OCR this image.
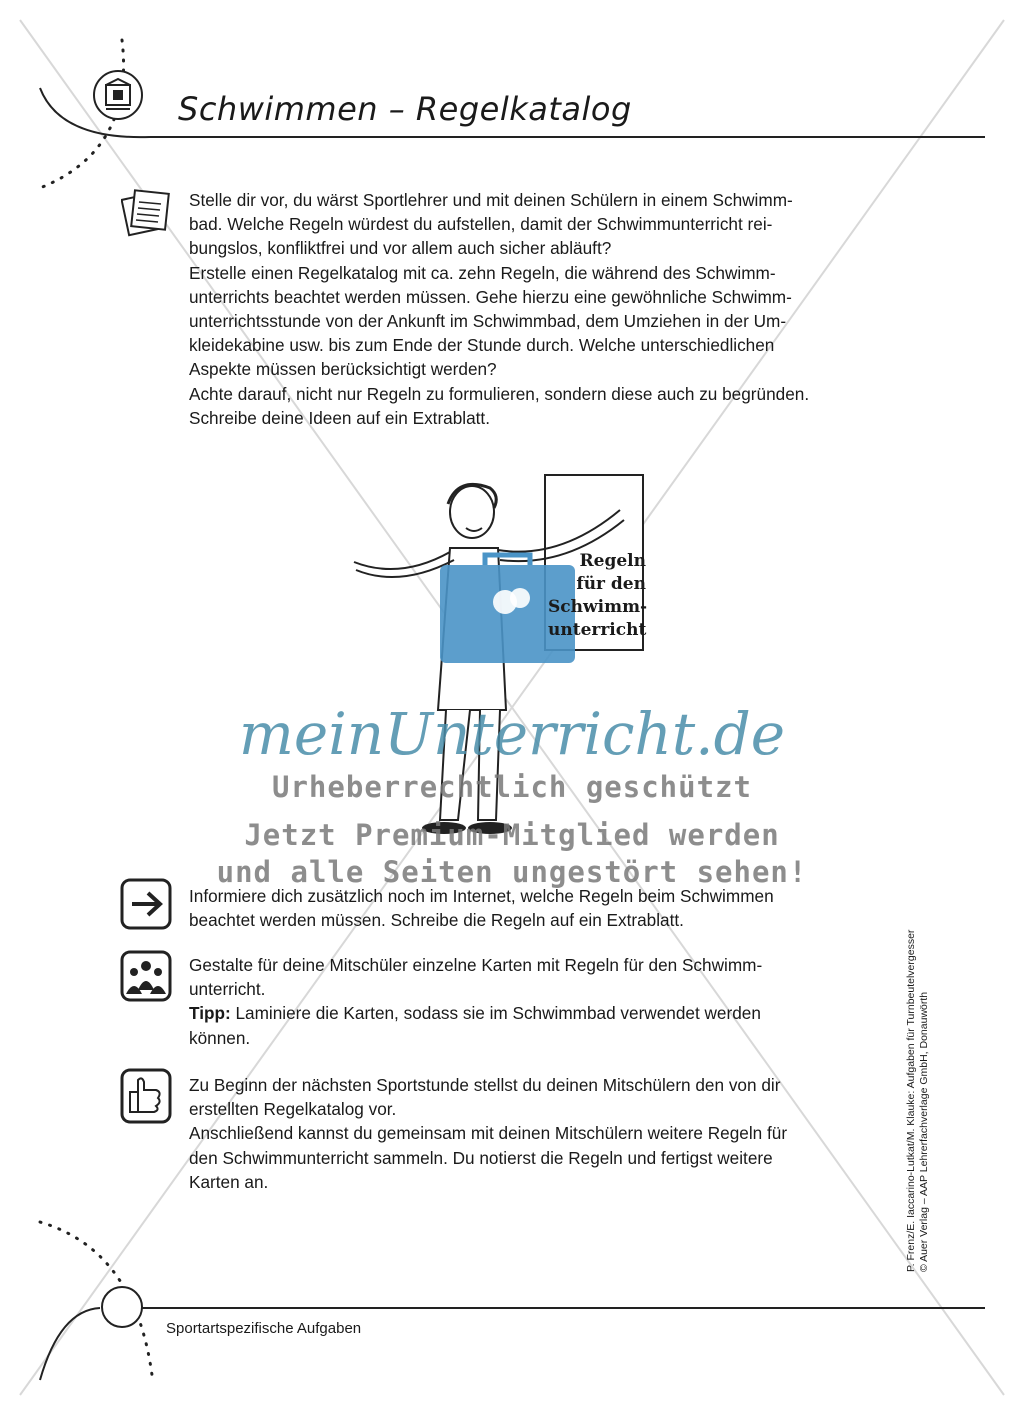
Schwimmen – Regelkatalog

Stelle dir vor, du wärst Sportlehrer und mit deinen Schülern in einem Schwimm-

bad. Welche Regeln würdest du aufstellen, damit der Schwimmunterricht rei-

bungslos, konfliktfrei und vor allem auch sicher abläuft?

Erstelle einen Regelkatalog mit ca. zehn Regeln, die während des Schwimm-

unterrichts beachtet werden müssen. Gehe hierzu eine gewöhnliche Schwimm-

unterrichtsstunde von der Ankunft im Schwimmbad, dem Umziehen in der Um-

kleidekabine usw. bis zum Ende der Stunde durch. Welche unterschiedlichen

Aspekte müssen berücksichtigt werden?

Achte darauf, nicht nur Regeln zu formulieren, sondern diese auch zu begründen.

Schreibe deine Ideen auf ein Extrablatt.

Regeln
für den
Schwimm-
unterricht
meinUnterricht.de
Urheberrechtlich geschützt
Jetzt Premium-Mitglied werden
und alle Seiten ungestört sehen!

Informiere dich zusätzlich noch im Internet, welche Regeln beim Schwimmen

beachtet werden müssen. Schreibe die Regeln auf ein Extrablatt.

Gestalte für deine Mitschüler einzelne Karten mit Regeln für den Schwimm-

unterricht.

Tipp: Laminiere die Karten, sodass sie im Schwimmbad verwendet werden

können.

Zu Beginn der nächsten Sportstunde stellst du deinen Mitschülern den von dir

erstellten Regelkatalog vor.

Anschließend kannst du gemeinsam mit deinen Mitschülern weitere Regeln für

den Schwimmunterricht sammeln. Du notierst die Regeln und fertigst weitere

Karten an.	P. Frenz/E. Iaccarino-Lutkat/M. Klauke: Aufgaben für Turnbeutelvergesser © Auer Verlag – AAP Lehrerfachverlage GmbH, Donauwörth

Sportartspezifische Aufgaben
